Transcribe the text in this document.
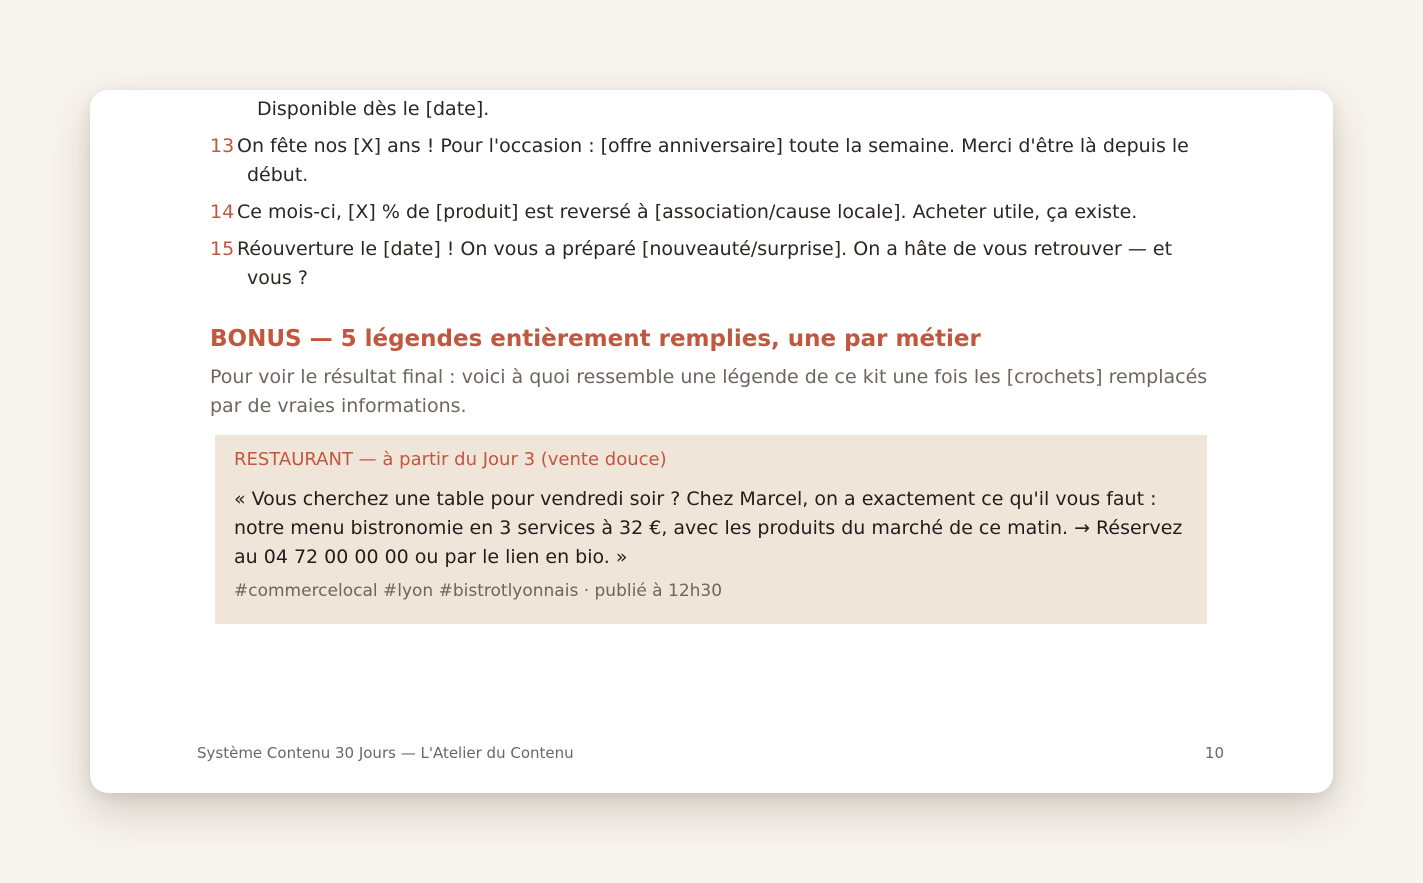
Disponible dès le [date].
13 On fête nos [X] ans ! Pour l'occasion : [offre anniversaire] toute la semaine. Merci d'être là depuis le début.
14 Ce mois-ci, [X] % de [produit] est reversé à [association/cause locale]. Acheter utile, ça existe.
15 Réouverture le [date] ! On vous a préparé [nouveauté/surprise]. On a hâte de vous retrouver — et vous ?
BONUS — 5 légendes entièrement remplies, une par métier
Pour voir le résultat final : voici à quoi ressemble une légende de ce kit une fois les [crochets] remplacés par de vraies informations.
RESTAURANT — à partir du Jour 3 (vente douce)
« Vous cherchez une table pour vendredi soir ? Chez Marcel, on a exactement ce qu'il vous faut : notre menu bistronomie en 3 services à 32 €, avec les produits du marché de ce matin. → Réservez au 04 72 00 00 00 ou par le lien en bio. »
#commercelocal #lyon #bistrotlyonnais · publié à 12h30
Système Contenu 30 Jours — L'Atelier du Contenu	10
